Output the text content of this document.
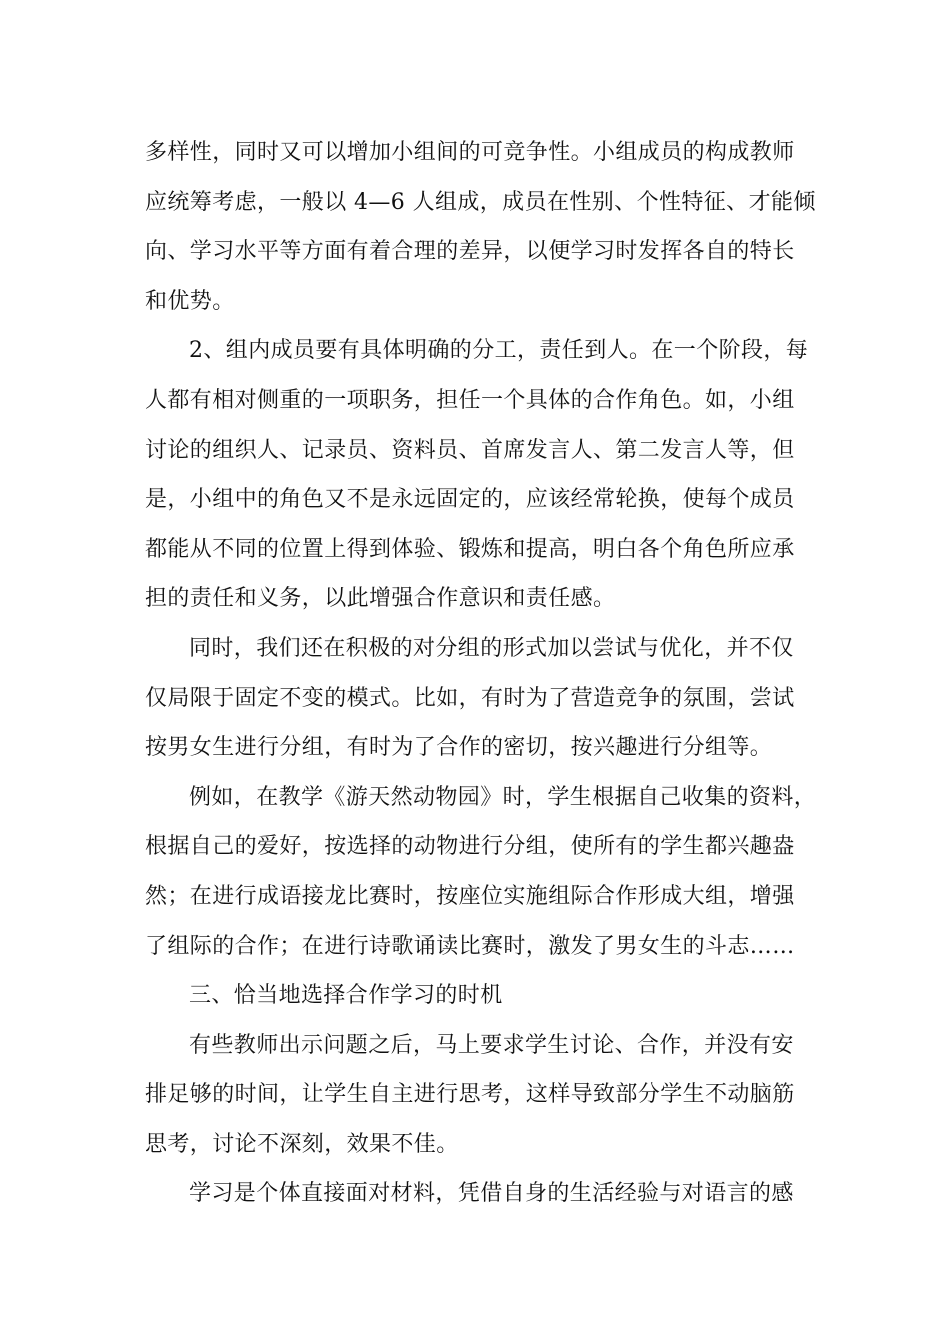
多样性，同时又可以增加小组间的可竞争性。小组成员的构成教师
应统筹考虑，一般以 4—6 人组成，成员在性别、个性特征、才能倾
向、学习水平等方面有着合理的差异，以便学习时发挥各自的特长
和优势。
2、组内成员要有具体明确的分工，责任到人。在一个阶段，每
人都有相对侧重的一项职务，担任一个具体的合作角色。如，小组
讨论的组织人、记录员、资料员、首席发言人、第二发言人等，但
是，小组中的角色又不是永远固定的，应该经常轮换，使每个成员
都能从不同的位置上得到体验、锻炼和提高，明白各个角色所应承
担的责任和义务，以此增强合作意识和责任感。
同时，我们还在积极的对分组的形式加以尝试与优化，并不仅
仅局限于固定不变的模式。比如，有时为了营造竞争的氛围，尝试
按男女生进行分组，有时为了合作的密切，按兴趣进行分组等。
例如，在教学《游天然动物园》时，学生根据自己收集的资料，
根据自己的爱好，按选择的动物进行分组，使所有的学生都兴趣盎
然；在进行成语接龙比赛时，按座位实施组际合作形成大组，增强
了组际的合作；在进行诗歌诵读比赛时，激发了男女生的斗志……
三、恰当地选择合作学习的时机
有些教师出示问题之后，马上要求学生讨论、合作，并没有安
排足够的时间，让学生自主进行思考，这样导致部分学生不动脑筋
思考，讨论不深刻，效果不佳。
学习是个体直接面对材料，凭借自身的生活经验与对语言的感
